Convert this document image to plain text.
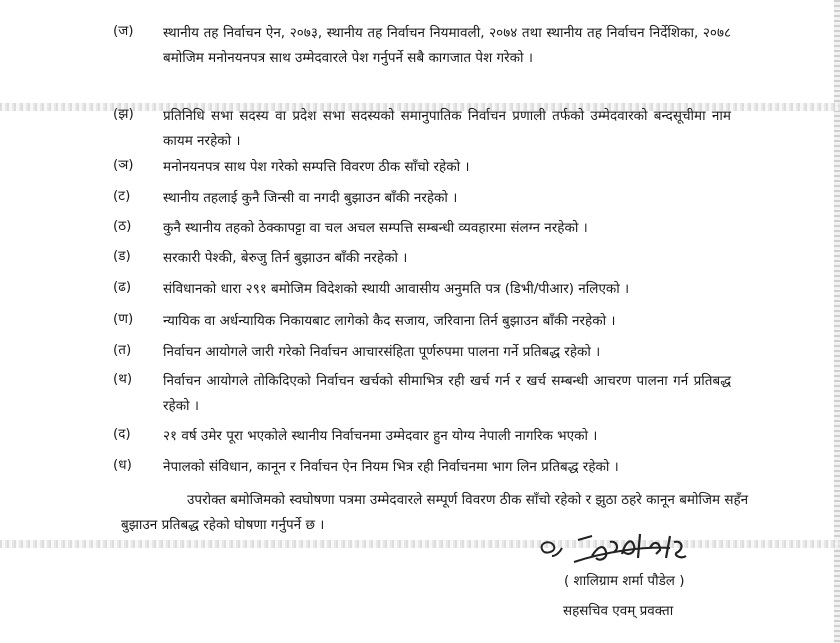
(ज) स्थानीय तह निर्वाचन ऐन, २०७३, स्थानीय तह निर्वाचन नियमावली, २०७४ तथा स्थानीय तह निर्वाचन निर्देशिका, २०७८ बमोजिम मनोनयनपत्र साथ उम्मेदवारले पेश गर्नुपर्ने सबै कागजात पेश गरेको ।
(झ) प्रतिनिधि सभा सदस्य वा प्रदेश सभा सदस्यको समानुपातिक निर्वाचन प्रणाली तर्फको उम्मेदवारको बन्दसूचीमा नाम कायम नरहेको ।
(ञ) मनोनयनपत्र साथ पेश गरेको सम्पत्ति विवरण ठीक साँचो रहेको ।
(ट) स्थानीय तहलाई कुनै जिन्सी वा नगदी बुझाउन बाँकी नरहेको ।
(ठ) कुनै स्थानीय तहको ठेक्कापट्टा वा चल अचल सम्पत्ति सम्बन्धी व्यवहारमा संलग्न नरहेको ।
(ड) सरकारी पेश्की, बेरुजु तिर्न बुझाउन बाँकी नरहेको ।
(ढ) संविधानको धारा २९१ बमोजिम विदेशको स्थायी आवासीय अनुमति पत्र (डिभी/पीआर) नलिएको ।
(ण) न्यायिक वा अर्धन्यायिक निकायबाट लागेको कैद सजाय, जरिवाना तिर्न बुझाउन बाँकी नरहेको ।
(त) निर्वाचन आयोगले जारी गरेको निर्वाचन आचारसंहिता पूर्णरुपमा पालना गर्ने प्रतिबद्ध रहेको ।
(थ) निर्वाचन आयोगले तोकिदिएको निर्वाचन खर्चको सीमाभित्र रही खर्च गर्न र खर्च सम्बन्धी आचरण पालना गर्न प्रतिबद्ध रहेको ।
(द) २१ वर्ष उमेर पूरा भएकोले स्थानीय निर्वाचनमा उम्मेदवार हुन योग्य नेपाली नागरिक भएको ।
(ध) नेपालको संविधान, कानून र निर्वाचन ऐन नियम भित्र रही निर्वाचनमा भाग लिन प्रतिबद्ध रहेको ।
उपरोक्त बमोजिमको स्वघोषणा पत्रमा उम्मेदवारले सम्पूर्ण विवरण ठीक साँचो रहेको र झुठा ठहरे कानून बमोजिम सहँन बुझाउन प्रतिबद्ध रहेको घोषणा गर्नुपर्ने छ ।
( शालिग्राम शर्मा पौडेल )
सहसचिव एवम् प्रवक्ता
